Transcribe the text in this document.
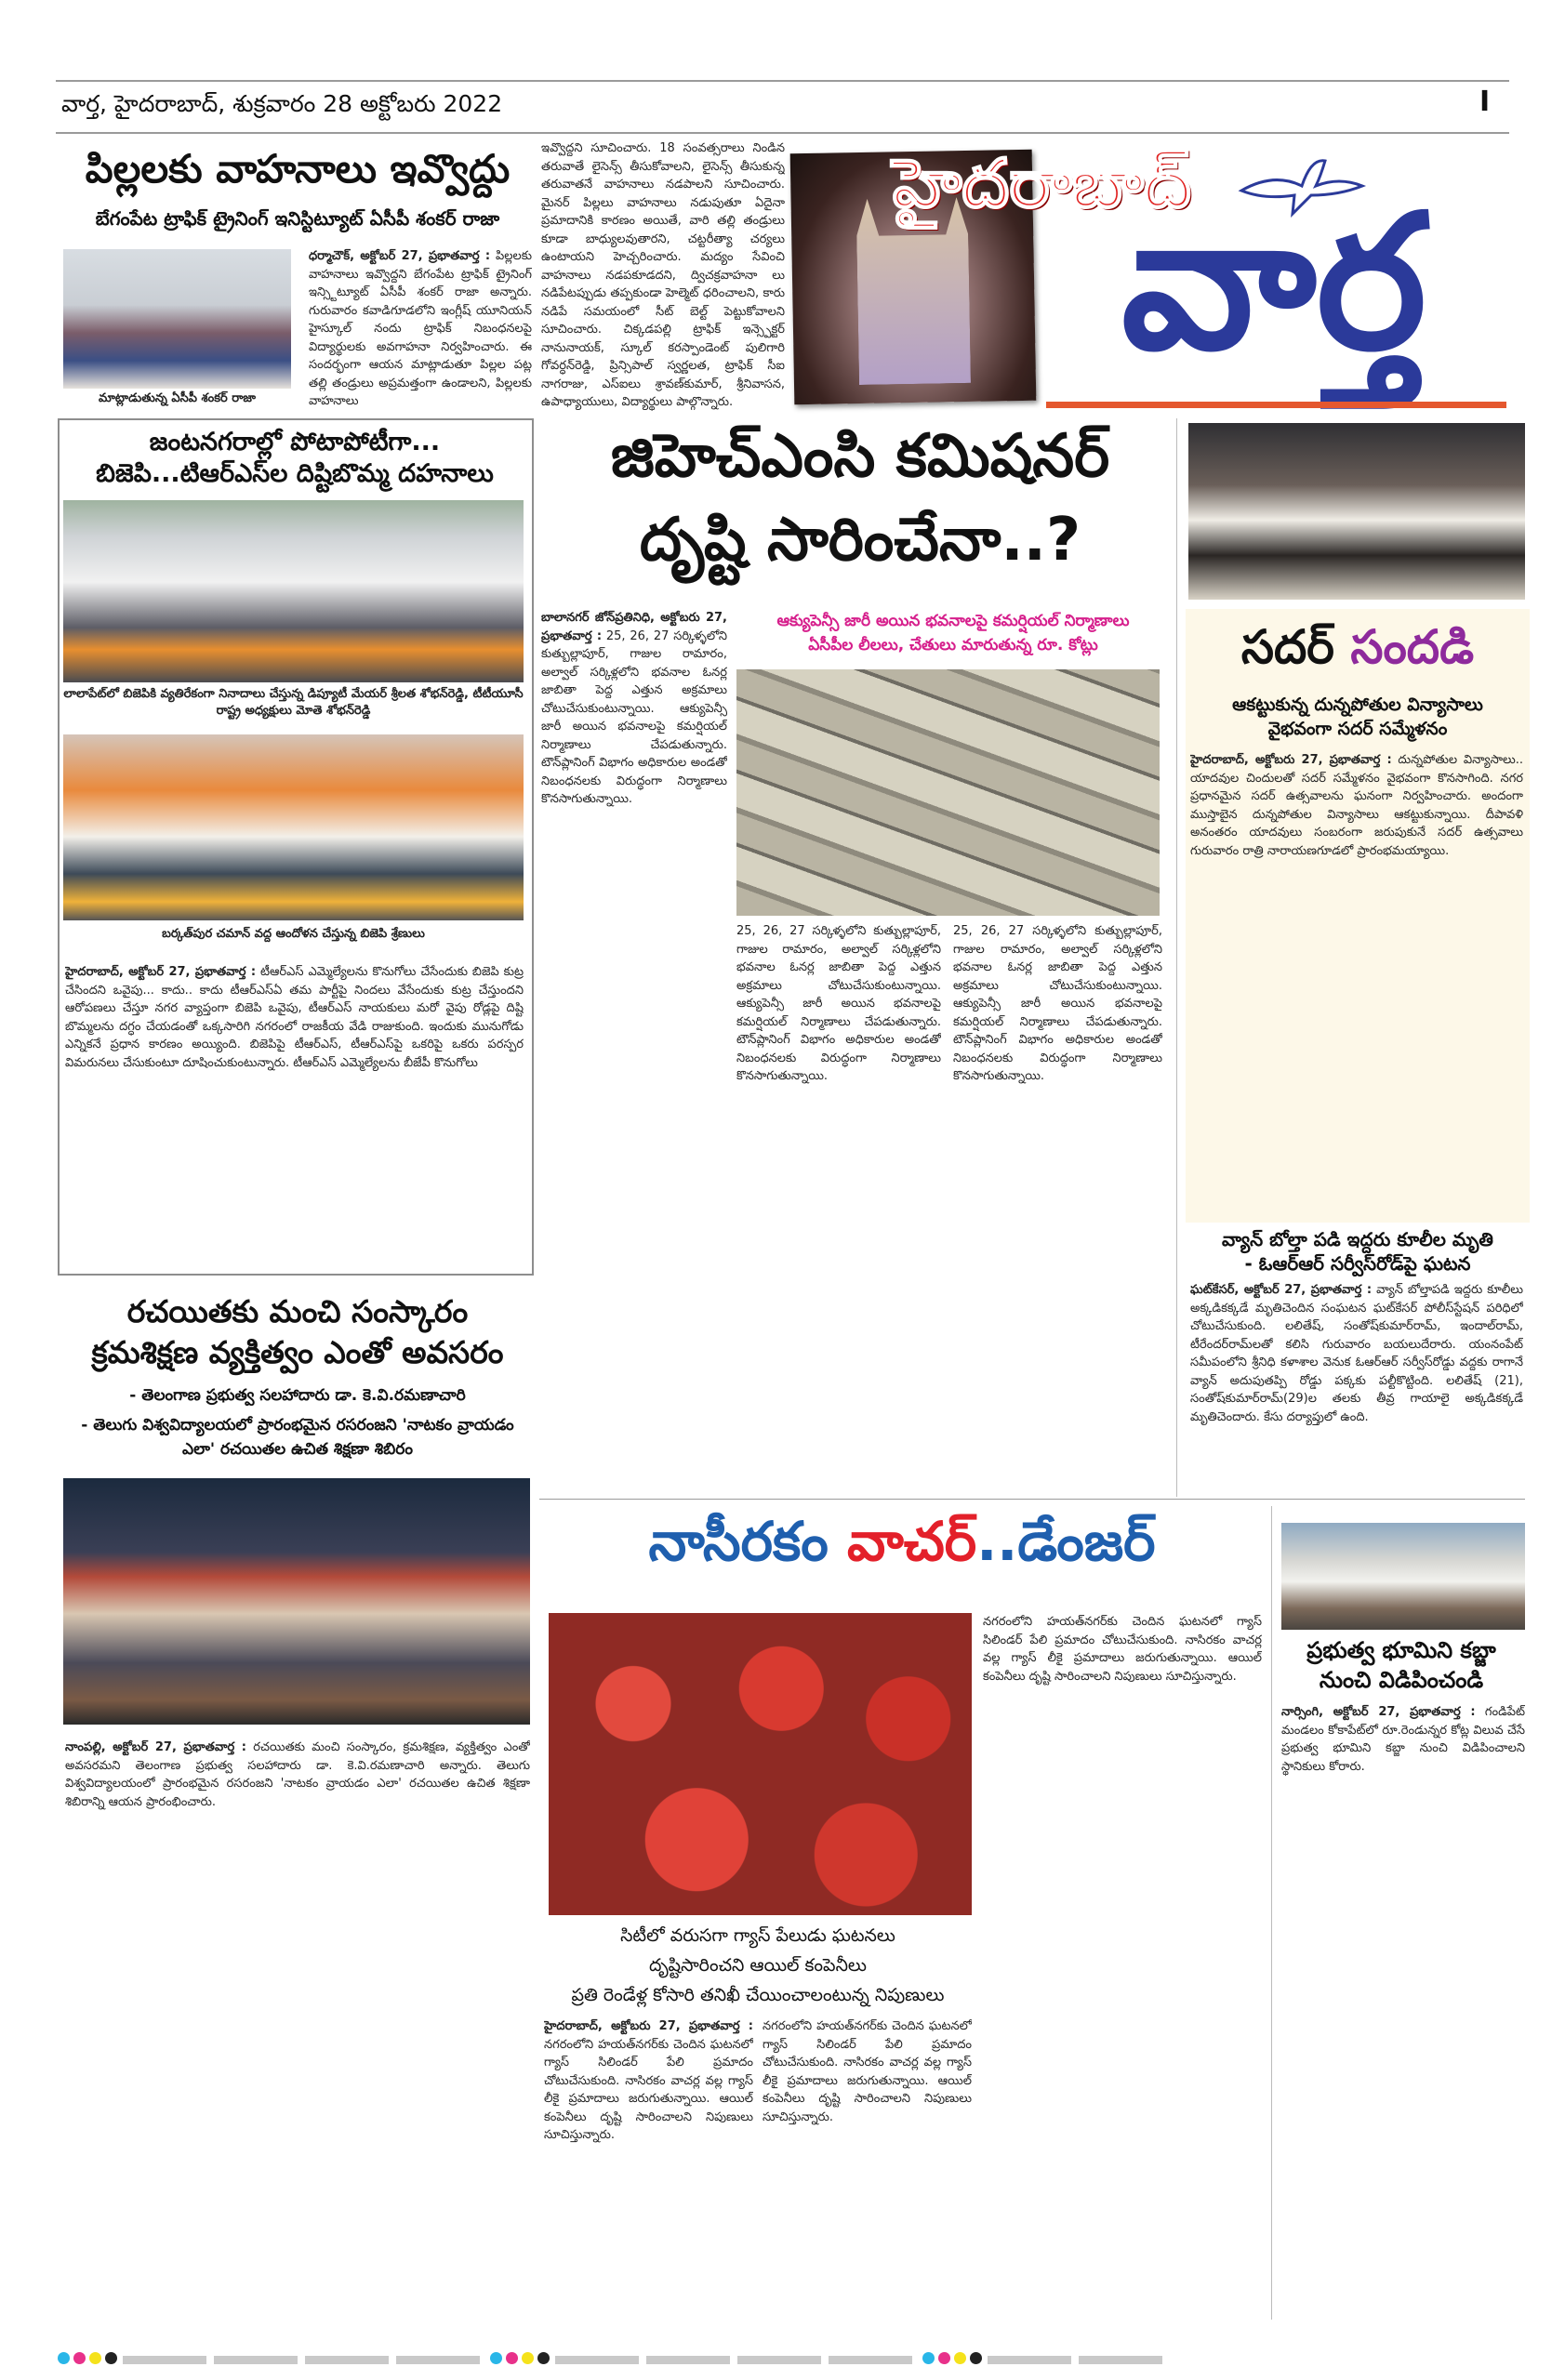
వార్త, హైదరాబాద్, శుక్రవారం 28 అక్టోబరు 2022	I
పిల్లలకు వాహనాలు ఇవ్వొద్దు
బేగంపేట ట్రాఫిక్ ట్రైనింగ్ ఇనిస్టిట్యూట్ ఏసీపీ శంకర్ రాజా
మాట్లాడుతున్న ఏసీపీ శంకర్ రాజా
ధర్మాచౌక్, అక్టోబర్ 27, ప్రభాతవార్త : పిల్లలకు వాహనాలు ఇవ్వొద్దని బేగంపేట ట్రాఫిక్ ట్రైనింగ్ ఇన్స్టిట్యూట్ ఏసీపీ శంకర్ రాజా అన్నారు. గురువారం కవాడిగూడలోని ఇంగ్లీష్ యూనియన్ హైస్కూల్ నందు ట్రాఫిక్ నిబంధనలపై విద్యార్థులకు అవగాహనా నిర్వహించారు. ఈ సందర్భంగా ఆయన మాట్లాడుతూ పిల్లల పట్ల తల్లి తండ్రులు అప్రమత్తంగా ఉండాలని, పిల్లలకు వాహనాలు
ఇవ్వొద్దని సూచించారు. 18 సంవత్సరాలు నిండిన తరువాతే లైసెన్స్ తీసుకోవాలని, లైసెన్స్ తీసుకున్న తరువాతనే వాహనాలు నడపాలని సూచించారు. మైనర్ పిల్లలు వాహనాలు నడుపుతూ ఏదైనా ప్రమాదానికి కారణం అయితే, వారి తల్లి తండ్రులు కూడా బాధ్యులవుతారని, చట్టరీత్యా చర్యలు ఉంటాయని హెచ్చరించారు. మద్యం సేవించి వాహనాలు నడపకూడదని, ద్విచక్రవాహనా లు నడిపేటప్పుడు తప్పకుండా హెల్మెట్ ధరించాలని, కారు నడిపే సమయంలో సీట్ బెల్ట్ పెట్టుకోవాలని సూచించారు. చిక్కడపల్లి ట్రాఫిక్ ఇన్స్పెక్టర్ నానునాయక్, స్కూల్ కరస్పాండెంట్ పులిగారి గోవర్ధన్‌రెడ్డి, ప్రిన్సిపాల్ స్వర్ణలత, ట్రాఫిక్ సీఐ నాగరాజు, ఎస్ఐలు శ్రావణ్‌కుమార్, శ్రీనివాసన, ఉపాధ్యాయులు, విద్యార్థులు పాల్గొన్నారు.
హైదరాబాద్
వార్త
జంటనగరాల్లో పోటాపోటీగా...
బిజెపి...టిఆర్ఎస్‌ల దిష్టిబొమ్మ దహనాలు
లాలాపేట్‌లో బిజెపికి వ్యతిరేకంగా నినాదాలు చేస్తున్న డిప్యూటీ మేయర్ శ్రీలత శోభన్‌రెడ్డి, టీటీయూసీ రాష్ట్ర అధ్యక్షులు మోతె శోభన్‌రెడ్డి
బర్కత్‌పుర చమాన్ వద్ద ఆందోళన చేస్తున్న బిజెపి శ్రేణులు
హైదరాబాద్, అక్టోబర్ 27, ప్రభాతవార్త : టీఆర్ఎస్ ఎమ్మెల్యేలను కొనుగోలు చేసేందుకు బిజెపి కుట్ర చేసిందని ఒవైపు... కాదు.. కాదు టీఆర్ఎస్ఏ తమ పార్టీపై నిందలు వేసేందుకు కుట్ర చేస్తుందని ఆరోపణలు చేస్తూ నగర వ్యాప్తంగా బిజెపి ఒవైపు, టీఆర్ఎస్ నాయకులు మరో వైపు రోడ్లపై దిష్టి బొమ్మలను దగ్ధం చేయడంతో ఒక్కసారిగి నగరంలో రాజకీయ వేడి రాజుకుంది. ఇందుకు మునుగోడు ఎన్నికనే ప్రధాన కారణం అయ్యింది. బిజెపిపై టీఆర్ఎస్, టీఆర్ఎస్‌పై ఒకరిపై ఒకరు పరస్పర విమరునలు చేసుకుంటూ దూషించుకుంటున్నారు. టీఆర్ఎస్ ఎమ్మెల్యేలను బీజేపీ కొనుగోలు
జిహెచ్ఎంసి కమిషనర్
దృష్టి సారించేనా..?
ఆక్యుపెన్సీ జారీ అయిన భవనాలపై కమర్షియల్ నిర్మాణాలు
ఏసీపీల లీలలు, చేతులు మారుతున్న రూ. కోట్లు
బాలానగర్ జోన్‌ప్రతినిధి, అక్టోబరు 27, ప్రభాతవార్త : 25, 26, 27 సర్కిళ్ళలోని కుత్బుల్లాపూర్, గాజుల రామారం, అల్వాల్ సర్కిళ్లలోని భవనాల ఓనర్ల జాబితా పెద్ద ఎత్తున అక్రమాలు చోటుచేసుకుంటున్నాయి. ఆక్యుపెన్సీ జారీ అయిన భవనాలపై కమర్షియల్ నిర్మాణాలు చేపడుతున్నారు. టౌన్‌ప్లానింగ్ విభాగం అధికారుల అండతో నిబంధనలకు విరుద్ధంగా నిర్మాణాలు కొనసాగుతున్నాయి.
25, 26, 27 సర్కిళ్ళలోని కుత్బుల్లాపూర్, గాజుల రామారం, అల్వాల్ సర్కిళ్లలోని భవనాల ఓనర్ల జాబితా పెద్ద ఎత్తున అక్రమాలు చోటుచేసుకుంటున్నాయి. ఆక్యుపెన్సీ జారీ అయిన భవనాలపై కమర్షియల్ నిర్మాణాలు చేపడుతున్నారు. టౌన్‌ప్లానింగ్ విభాగం అధికారుల అండతో నిబంధనలకు విరుద్ధంగా నిర్మాణాలు కొనసాగుతున్నాయి.
25, 26, 27 సర్కిళ్ళలోని కుత్బుల్లాపూర్, గాజుల రామారం, అల్వాల్ సర్కిళ్లలోని భవనాల ఓనర్ల జాబితా పెద్ద ఎత్తున అక్రమాలు చోటుచేసుకుంటున్నాయి. ఆక్యుపెన్సీ జారీ అయిన భవనాలపై కమర్షియల్ నిర్మాణాలు చేపడుతున్నారు. టౌన్‌ప్లానింగ్ విభాగం అధికారుల అండతో నిబంధనలకు విరుద్ధంగా నిర్మాణాలు కొనసాగుతున్నాయి.
సదర్ సందడి
ఆకట్టుకున్న దున్నపోతుల విన్యాసాలు
వైభవంగా సదర్ సమ్మేళనం
హైదరాబాద్, అక్టోబరు 27, ప్రభాతవార్త : దున్నపోతుల విన్యాసాలు.. యాదవుల చిందులతో సదర్ సమ్మేళనం వైభవంగా కొనసాగింది. నగర ప్రధానమైన సదర్ ఉత్సవాలను ఘనంగా నిర్వహించారు. అందంగా ముస్తాబైన దున్నపోతుల విన్యాసాలు ఆకట్టుకున్నాయి. దీపావళి అనంతరం యాదవులు సంబరంగా జరుపుకునే సదర్ ఉత్సవాలు గురువారం రాత్రి నారాయణగూడలో ప్రారంభమయ్యాయి.
వ్యాన్ బోల్తా పడి ఇద్దరు కూలీల మృతి
- ఓఆర్ఆర్ సర్వీస్‌రోడ్‌పై ఘటన
ఘట్‌కేసర్, అక్టోబర్ 27, ప్రభాతవార్త : వ్యాన్ బోల్తాపడి ఇద్దరు కూలీలు అక్కడికక్కడే మృతిచెందిన సంఘటన ఘట్‌కేసర్ పోలీస్‌స్టేషన్ పరిధిలో చోటుచేసుకుంది. లలితేష్, సంతోష్‌కుమార్‌రామ్, ఇందాల్‌రామ్, టీరేందర్‌రామ్‌లతో కలిసి గురువారం బయలుదేరారు. యంనంపేట్ సమీపంలోని శ్రీనిధి కళాశాల వెనుక ఓఆర్ఆర్ సర్వీస్‌రోడ్డు వద్దకు రాగానే వ్యాన్ అదుపుతప్పి రోడ్డు పక్కకు పల్టీకొట్టింది. లలితేష్ (21), సంతోష్‌కుమార్‌రామ్(29)ల తలకు తీవ్ర గాయాలై అక్కడికక్కడే మృతిచెందారు. కేసు దర్యాప్తులో ఉంది.
రచయితకు మంచి సంస్కారం
క్రమశిక్షణ వ్యక్తిత్వం ఎంతో అవసరం
- తెలంగాణ ప్రభుత్వ సలహాదారు డా. కె.వి.రమణాచారి
- తెలుగు విశ్వవిద్యాలయలో ప్రారంభమైన రసరంజని 'నాటకం వ్రాయడం ఎలా' రచయితల ఉచిత శిక్షణా శిబిరం
నాంపల్లి, అక్టోబర్ 27, ప్రభాతవార్త : రచయితకు మంచి సంస్కారం, క్రమశిక్షణ, వ్యక్తిత్వం ఎంతో అవసరమని తెలంగాణ ప్రభుత్వ సలహాదారు డా. కె.వి.రమణాచారి అన్నారు. తెలుగు విశ్వవిద్యాలయంలో ప్రారంభమైన రసరంజని 'నాటకం వ్రాయడం ఎలా' రచయితల ఉచిత శిక్షణా శిబిరాన్ని ఆయన ప్రారంభించారు.
నాసీరకం వాచర్..డేంజర్
సిటీలో వరుసగా గ్యాస్ పేలుడు ఘటనలు
దృష్టిసారించని ఆయిల్ కంపెనీలు
ప్రతి రెండేళ్ల కోసారి తనిఖీ చేయించాలంటున్న నిపుణులు
హైదరాబాద్, అక్టోబరు 27, ప్రభాతవార్త : నగరంలోని హయత్‌నగర్‌కు చెందిన ఘటనలో గ్యాస్ సిలిండర్ పేలి ప్రమాదం చోటుచేసుకుంది. నాసిరకం వాచర్ల వల్ల గ్యాస్ లీకై ప్రమాదాలు జరుగుతున్నాయి. ఆయిల్ కంపెనీలు దృష్టి సారించాలని నిపుణులు సూచిస్తున్నారు.
నగరంలోని హయత్‌నగర్‌కు చెందిన ఘటనలో గ్యాస్ సిలిండర్ పేలి ప్రమాదం చోటుచేసుకుంది. నాసిరకం వాచర్ల వల్ల గ్యాస్ లీకై ప్రమాదాలు జరుగుతున్నాయి. ఆయిల్ కంపెనీలు దృష్టి సారించాలని నిపుణులు సూచిస్తున్నారు.
నగరంలోని హయత్‌నగర్‌కు చెందిన ఘటనలో గ్యాస్ సిలిండర్ పేలి ప్రమాదం చోటుచేసుకుంది. నాసిరకం వాచర్ల వల్ల గ్యాస్ లీకై ప్రమాదాలు జరుగుతున్నాయి. ఆయిల్ కంపెనీలు దృష్టి సారించాలని నిపుణులు సూచిస్తున్నారు.
ప్రభుత్వ భూమిని కబ్జా
నుంచి విడిపించండి
నార్సింగి, అక్టోబర్ 27, ప్రభాతవార్త : గండిపేట్ మండలం కోకాపేట్‌లో రూ.రెండున్నర కోట్ల విలువ చేసే ప్రభుత్వ భూమిని కబ్జా నుంచి విడిపించాలని స్థానికులు కోరారు.
